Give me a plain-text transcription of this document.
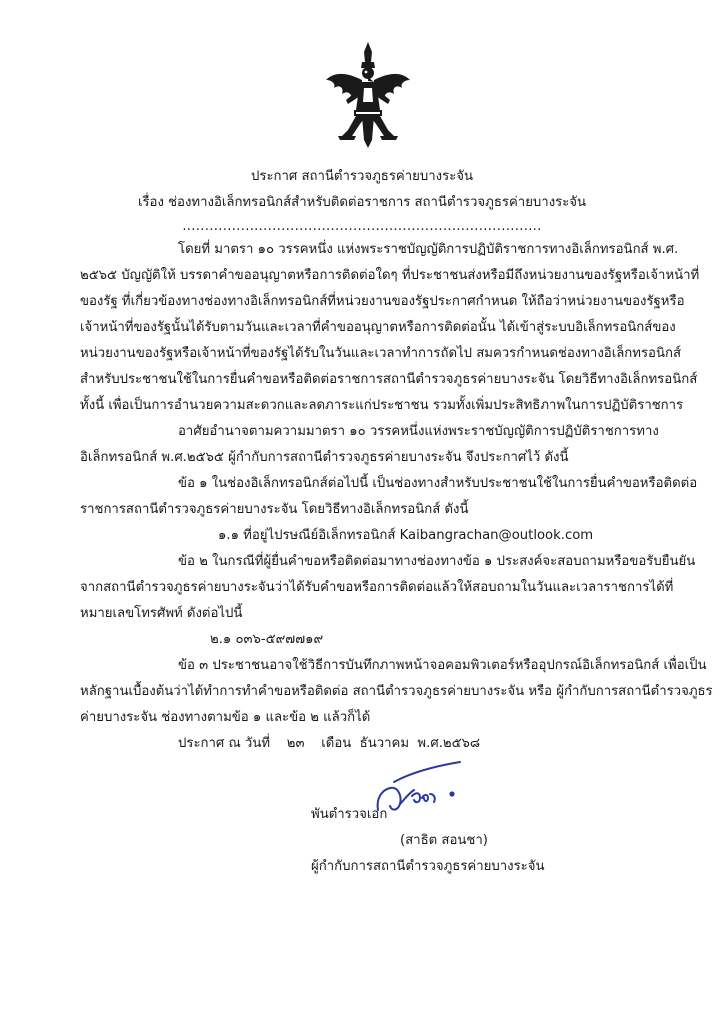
ประกาศ สถานีตำรวจภูธรค่ายบางระจัน
เรื่อง ช่องทางอิเล็กทรอนิกส์สำหรับติดต่อราชการ สถานีตำรวจภูธรค่ายบางระจัน
................................................................................
โดยที่ มาตรา ๑๐ วรรคหนึ่ง แห่งพระราชบัญญัติการปฏิบัติราชการทางอิเล็กทรอนิกส์ พ.ศ.
๒๕๖๕ บัญญัติให้ บรรดาคำขออนุญาตหรือการติดต่อใดๆ ที่ประชาชนส่งหรือมีถึงหน่วยงานของรัฐหรือเจ้าหน้าที่
ของรัฐ ที่เกี่ยวข้องทางช่องทางอิเล็กทรอนิกส์ที่หน่วยงานของรัฐประกาศกำหนด ให้ถือว่าหน่วยงานของรัฐหรือ
เจ้าหน้าที่ของรัฐนั้นได้รับตามวันและเวลาที่คำขออนุญาตหรือการติดต่อนั้น ได้เข้าสู่ระบบอิเล็กทรอนิกส์ของ
หน่วยงานของรัฐหรือเจ้าหน้าที่ของรัฐได้รับในวันและเวลาทำการถัดไป สมควรกำหนดช่องทางอิเล็กทรอนิกส์
สำหรับประชาชนใช้ในการยื่นคำขอหรือติดต่อราชการสถานีตำรวจภูธรค่ายบางระจัน โดยวิธีทางอิเล็กทรอนิกส์
ทั้งนี้ เพื่อเป็นการอำนวยความสะดวกและลดภาระแก่ประชาชน รวมทั้งเพิ่มประสิทธิภาพในการปฏิบัติราชการ
อาศัยอำนาจตามความมาตรา ๑๐ วรรคหนึ่งแห่งพระราชบัญญัติการปฏิบัติราชการทาง
อิเล็กทรอนิกส์ พ.ศ.๒๕๖๕ ผู้กำกับการสถานีตำรวจภูธรค่ายบางระจัน จึงประกาศไว้ ดังนี้
ข้อ ๑ ในช่องอิเล็กทรอนิกส์ต่อไปนี้ เป็นช่องทางสำหรับประชาชนใช้ในการยื่นคำขอหรือติดต่อ
ราชการสถานีตำรวจภูธรค่ายบางระจัน โดยวิธีทางอิเล็กทรอนิกส์ ดังนี้
๑.๑ ที่อยู่ไปรษณีย์อิเล็กทรอนิกส์ Kaibangrachan@outlook.com
ข้อ ๒ ในกรณีที่ผู้ยื่นคำขอหรือติดต่อมาทางช่องทางข้อ ๑ ประสงค์จะสอบถามหรือขอรับยืนยัน
จากสถานีตำรวจภูธรค่ายบางระจันว่าได้รับคำขอหรือการติดต่อแล้วให้สอบถามในวันและเวลาราชการได้ที่
หมายเลขโทรศัพท์ ดังต่อไปนี้
๒.๑ ๐๓๖-๕๙๗๗๑๙
ข้อ ๓ ประชาชนอาจใช้วิธีการบันทึกภาพหน้าจอคอมพิวเตอร์หรืออุปกรณ์อิเล็กทรอนิกส์ เพื่อเป็น
หลักฐานเบื้องต้นว่าได้ทำการทำคำขอหรือติดต่อ สถานีตำรวจภูธรค่ายบางระจัน หรือ ผู้กำกับการสถานีตำรวจภูธร
ค่ายบางระจัน ช่องทางตามข้อ ๑ และข้อ ๒ แล้วก็ได้
ประกาศ ณ วันที่    ๒๓    เดือน  ธันวาคม  พ.ศ.๒๕๖๘
พันตำรวจเอก
(สาธิต สอนชา)
ผู้กำกับการสถานีตำรวจภูธรค่ายบางระจัน
